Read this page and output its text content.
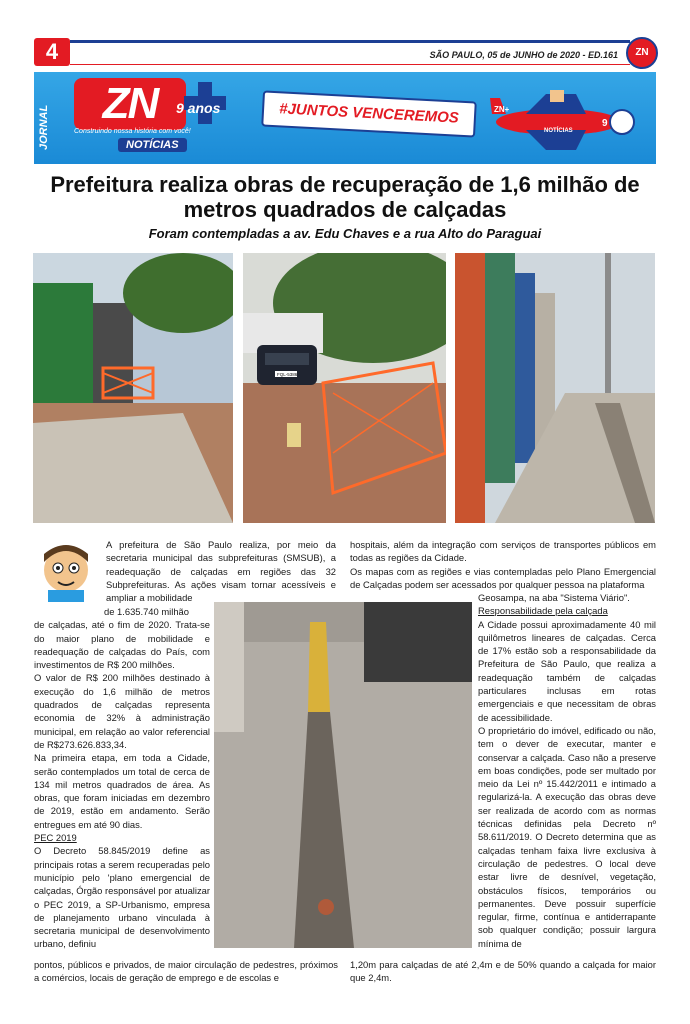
4	SÃO PAULO, 05 de JUNHO de 2020 - ED.161	ZN
JORNAL	ZN	9 anos
Construindo nossa história com você!
NOTÍCIAS
#JUNTOS VENCEREMOS	ZN+
9
NOTÍCIAS
Prefeitura realiza obras de recuperação de 1,6 milhão de metros quadrados de calçadas
Foram contempladas a av. Edu Chaves e a rua Alto do Paraguai
FQL-5386

A prefeitura de São Paulo realiza, por meio da secretaria municipal das subprefeituras (SMSUB), a readequação de calçadas em regiões das 32 Subprefeituras. As ações visam tornar acessíveis e ampliar a mobilidade

de 1.635.740 milhão

de calçadas, até o fim de 2020. Trata-se do maior plano de mobilidade e readequação de calçadas do País, com investimentos de R$ 200 milhões.

O valor de R$ 200 milhões destinado à execução do 1,6 milhão de metros quadrados de calçadas representa economia de 32% à administração municipal, em relação ao valor referencial de R$273.626.833,34.

Na primeira etapa, em toda a Cidade, serão contemplados um total de cerca de 134 mil metros quadrados de área. As obras, que foram iniciadas em dezembro de 2019, estão em andamento. Serão entregues em até 90 dias.

PEC 2019

O Decreto 58.845/2019 define as principais rotas a serem recuperadas pelo município pelo 'plano emergencial de calçadas, Órgão responsável por atualizar o PEC 2019, a SP-Urbanismo, empresa de planejamento urbano vinculada à secretaria municipal de desenvolvimento urbano, definiu

pontos, públicos e privados, de maior circulação de pedestres, próximos a comércios, locais de geração de emprego e de escolas e

hospitais, além da integração com serviços de transportes públicos em todas as regiões da Cidade.

Os mapas com as regiões e vias contempladas pelo Plano Emergencial de Calçadas podem ser acessados por qualquer pessoa na plataforma

Geosampa, na aba "Sistema Viário".

Responsabilidade pela calçada

A Cidade possui aproximadamente 40 mil quilômetros lineares de calçadas. Cerca de 17% estão sob a responsabilidade da Prefeitura de São Paulo, que realiza a readequação também de calçadas particulares inclusas em rotas emergenciais e que necessitam de obras de acessibilidade.

O proprietário do imóvel, edificado ou não, tem o dever de executar, manter e conservar a calçada. Caso não a preserve em boas condições, pode ser multado por meio da Lei nº 15.442/2011 e intimado a regularizá-la. A execução das obras deve ser realizada de acordo com as normas técnicas definidas pela Decreto nº 58.611/2019. O Decreto determina que as calçadas tenham faixa livre exclusiva à circulação de pedestres. O local deve estar livre de desnível, vegetação, obstáculos físicos, temporários ou permanentes. Deve possuir superfície regular, firme, contínua e antiderrapante sob qualquer condição; possuir largura mínima de

1,20m para calçadas de até 2,4m e de 50% quando a calçada for maior que 2,4m.
